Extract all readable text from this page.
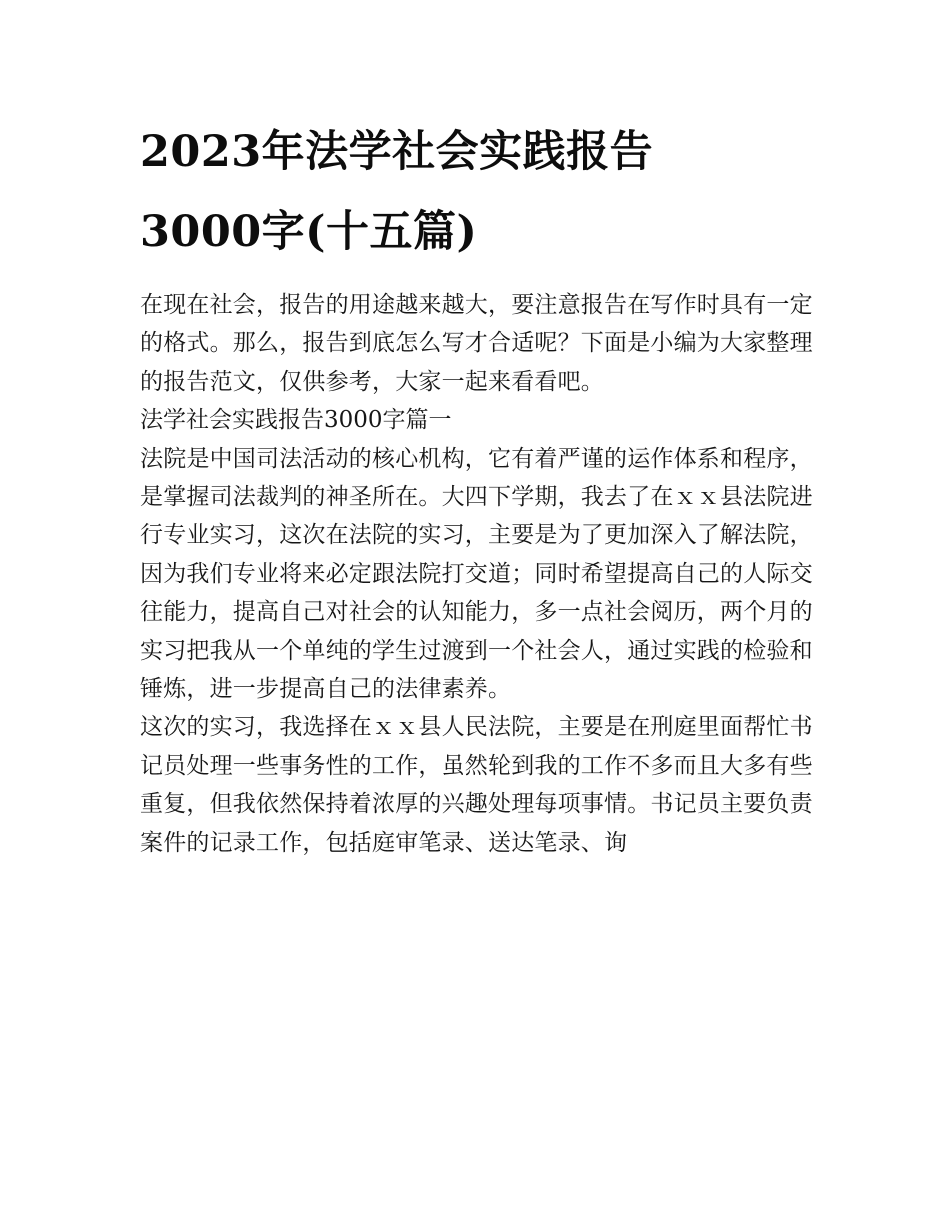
2023年法学社会实践报告
3000字(十五篇)

在现在社会，报告的用途越来越大，要注意报告在写作时具有一定的格式。那么，报告到底怎么写才合适呢？下面是小编为大家整理的报告范文，仅供参考，大家一起来看看吧。

法学社会实践报告3000字篇一

法院是中国司法活动的核心机构，它有着严谨的运作体系和程序，是掌握司法裁判的神圣所在。大四下学期，我去了在ｘｘ县法院进行专业实习，这次在法院的实习，主要是为了更加深入了解法院，因为我们专业将来必定跟法院打交道；同时希望提高自己的人际交往能力，提高自己对社会的认知能力，多一点社会阅历，两个月的实习把我从一个单纯的学生过渡到一个社会人，通过实践的检验和锤炼，进一步提高自己的法律素养。

这次的实习，我选择在ｘｘ县人民法院，主要是在刑庭里面帮忙书记员处理一些事务性的工作，虽然轮到我的工作不多而且大多有些重复，但我依然保持着浓厚的兴趣处理每项事情。书记员主要负责案件的记录工作，包括庭审笔录、送达笔录、询
